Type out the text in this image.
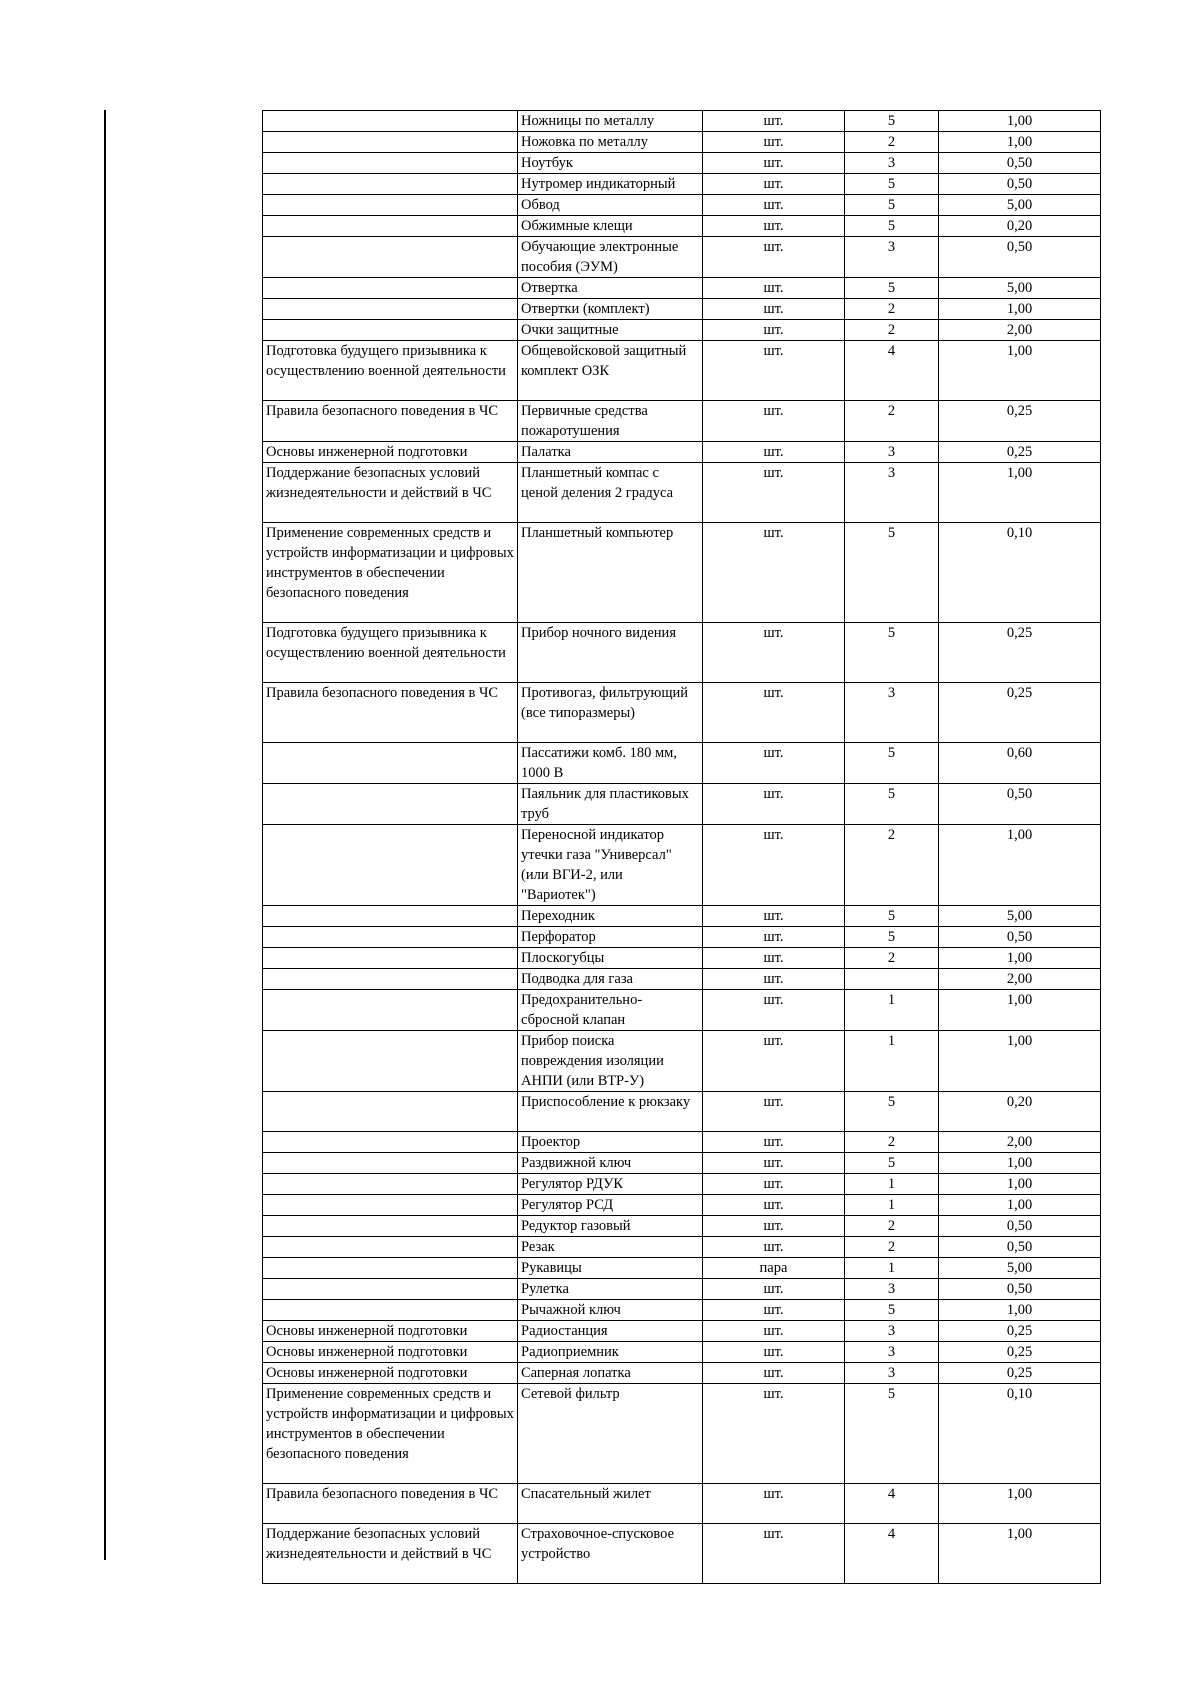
	Ножницы по металлу	шт.	5	1,00
	Ножовка по металлу	шт.	2	1,00
	Ноутбук	шт.	3	0,50
	Нутромер индикаторный	шт.	5	0,50
	Обвод	шт.	5	5,00
	Обжимные клещи	шт.	5	0,20
	Обучающие электронные пособия (ЭУМ)	шт.	3	0,50
	Отвертка	шт.	5	5,00
	Отвертки (комплект)	шт.	2	1,00
	Очки защитные	шт.	2	2,00
Подготовка будущего призывника к осуществлению военной деятельности	Общевойсковой защитный комплект ОЗК	шт.	4	1,00
Правила безопасного поведения в ЧС	Первичные средства пожаротушения	шт.	2	0,25
Основы инженерной подготовки	Палатка	шт.	3	0,25
Поддержание безопасных условий жизнедеятельности и действий в ЧС	Планшетный компас с ценой деления 2 градуса	шт.	3	1,00
Применение современных средств и устройств информатизации и цифровых инструментов в обеспечении безопасного поведения	Планшетный компьютер	шт.	5	0,10
Подготовка будущего призывника к осуществлению военной деятельности	Прибор ночного видения	шт.	5	0,25
Правила безопасного поведения в ЧС	Противогаз, фильтрующий (все типоразмеры)	шт.	3	0,25
	Пассатижи комб. 180 мм, 1000 В	шт.	5	0,60
	Паяльник для пластиковых труб	шт.	5	0,50
	Переносной индикатор утечки газа "Универсал" (или ВГИ-2, или "Вариотек")	шт.	2	1,00
	Переходник	шт.	5	5,00
	Перфоратор	шт.	5	0,50
	Плоскогубцы	шт.	2	1,00
	Подводка для газа	шт.		2,00
	Предохранительно-сбросной клапан	шт.	1	1,00
	Прибор поиска повреждения изоляции АНПИ (или ВТР-У)	шт.	1	1,00
	Приспособление к рюкзаку	шт.	5	0,20
	Проектор	шт.	2	2,00
	Раздвижной ключ	шт.	5	1,00
	Регулятор РДУК	шт.	1	1,00
	Регулятор РСД	шт.	1	1,00
	Редуктор газовый	шт.	2	0,50
	Резак	шт.	2	0,50
	Рукавицы	пара	1	5,00
	Рулетка	шт.	3	0,50
	Рычажной ключ	шт.	5	1,00
Основы инженерной подготовки	Радиостанция	шт.	3	0,25
Основы инженерной подготовки	Радиоприемник	шт.	3	0,25
Основы инженерной подготовки	Саперная лопатка	шт.	3	0,25
Применение современных средств и устройств информатизации и цифровых инструментов в обеспечении безопасного поведения	Сетевой фильтр	шт.	5	0,10
Правила безопасного поведения в ЧС	Спасательный жилет	шт.	4	1,00
Поддержание безопасных условий жизнедеятельности и действий в ЧС	Страховочное-спусковое устройство	шт.	4	1,00
